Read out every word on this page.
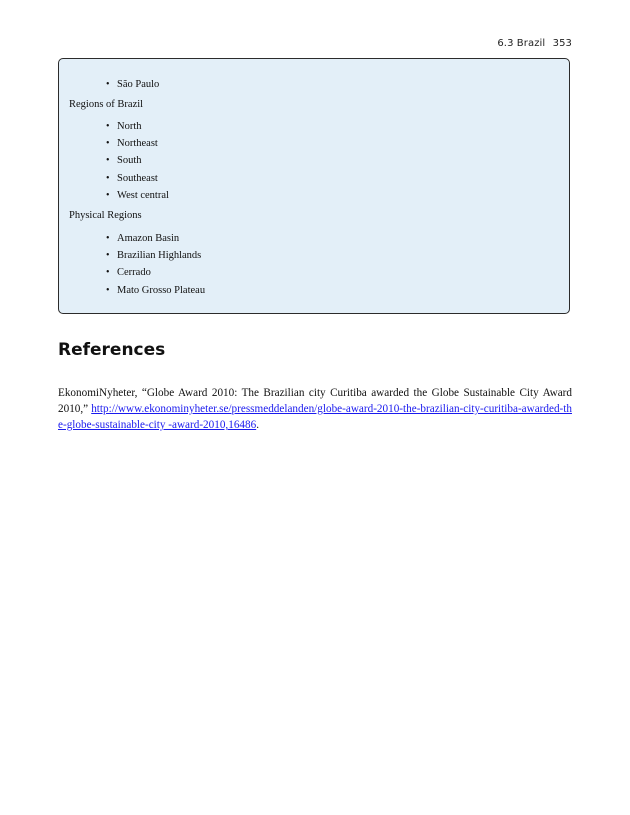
6.3 Brazil 353
• São Paulo

Regions of Brazil

• North
• Northeast
• South
• Southeast
• West central

Physical Regions

• Amazon Basin
• Brazilian Highlands
• Cerrado
• Mato Grosso Plateau
References

EkonomiNyheter, “Globe Award 2010: The Brazilian city Curitiba awarded the Globe Sustainable City Award 2010,” http://www.ekonominyheter.se/pressmeddelanden/globe-award-2010-the-brazilian-city-curitiba-awarded-the-globe-sustainable-city -award-2010,16486.
